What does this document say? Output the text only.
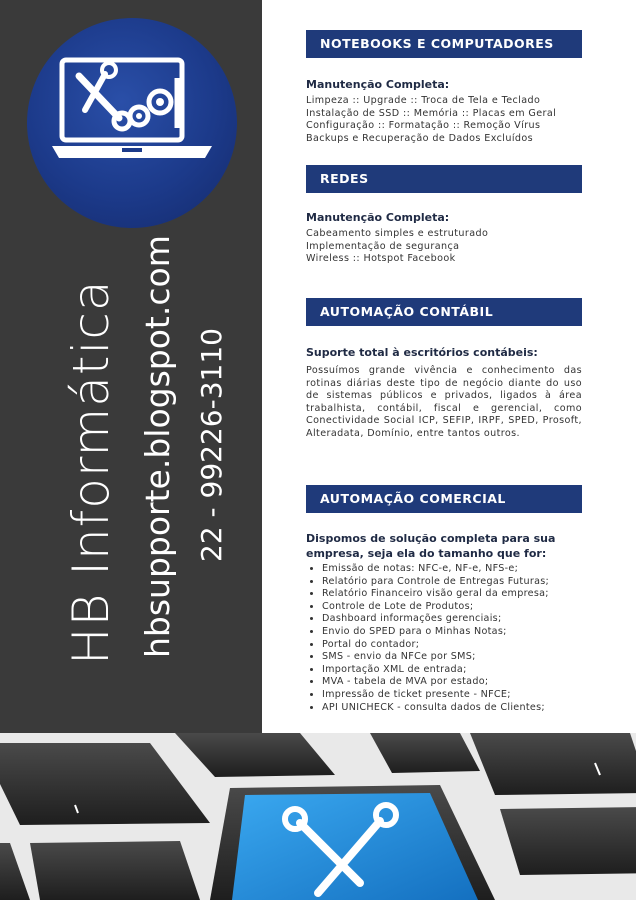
HB Informática hbsupporte.blogspot.com 22 - 99226-3110
NOTEBOOKS E COMPUTADORES
Manutenção Completa:
Limpeza :: Upgrade :: Troca de Tela e Teclado
Instalação de SSD :: Memória :: Placas em Geral
Configuração :: Formatação :: Remoção Vírus
Backups e Recuperação de Dados Excluídos
REDES
Manutenção Completa:
Cabeamento simples e estruturado
Implementação de segurança
Wireless :: Hotspot Facebook
AUTOMAÇÃO CONTÁBIL
Suporte total à escritórios contábeis:
Possuímos grande vivência e conhecimento das rotinas diárias deste tipo de negócio diante do uso de sistemas públicos e privados, ligados à área trabalhista, contábil, fiscal e gerencial, como Conectividade Social ICP, SEFIP, IRPF, SPED, Prosoft, Alteradata, Domínio, entre tantos outros.
AUTOMAÇÃO COMERCIAL
Dispomos de solução completa para sua empresa, seja ela do tamanho que for:
• Emissão de notas: NFC-e, NF-e, NFS-e;
• Relatório para Controle de Entregas Futuras;
• Relatório Financeiro visão geral da empresa;
• Controle de Lote de Produtos;
• Dashboard informações gerenciais;
• Envio do SPED para o Minhas Notas;
• Portal do contador;
• SMS - envio da NFCe por SMS;
• Importação XML de entrada;
• MVA - tabela de MVA por estado;
• Impressão de ticket presente - NFCE;
• API UNICHECK - consulta dados de Clientes;
